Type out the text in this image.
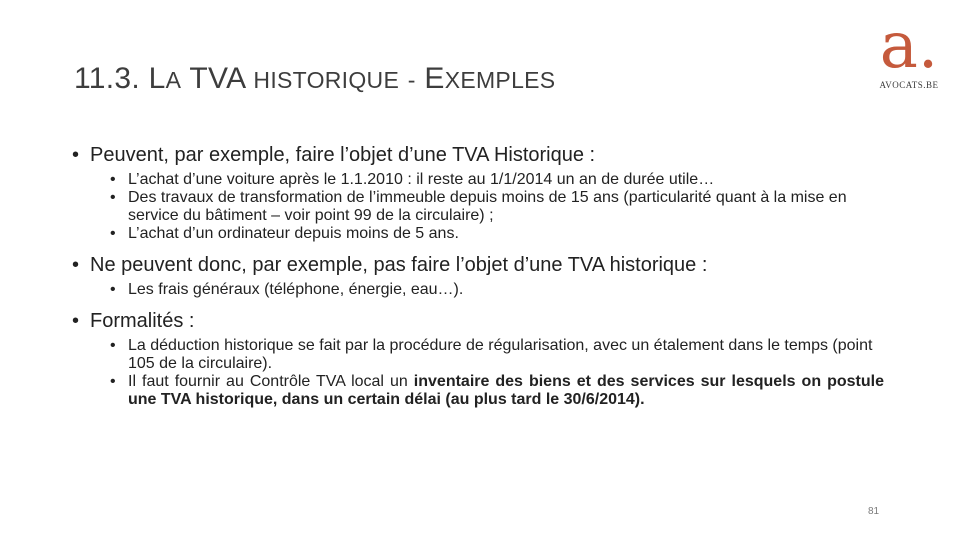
11.3. LA TVA HISTORIQUE - EXEMPLES	a.
AVOCATS.BE
• Peuvent, par exemple, faire l’objet d’une TVA Historique :
• L’achat d’une voiture après le 1.1.2010 : il reste au 1/1/2014 un an de durée utile…
• Des travaux de transformation de l’immeuble depuis moins de 15 ans (particularité quant à la mise en service du bâtiment – voir point 99 de la circulaire) ;
• L’achat d’un ordinateur depuis moins de 5 ans.
• Ne peuvent donc, par exemple, pas faire l’objet d’une TVA historique :
• Les frais généraux (téléphone, énergie, eau…).
• Formalités :
• La déduction historique se fait par la procédure de régularisation, avec un étalement dans le temps (point 105 de la circulaire).
• Il faut fournir au Contrôle TVA local un inventaire des biens et des services sur lesquels on postule une TVA historique, dans un certain délai (au plus tard le 30/6/2014).
81
